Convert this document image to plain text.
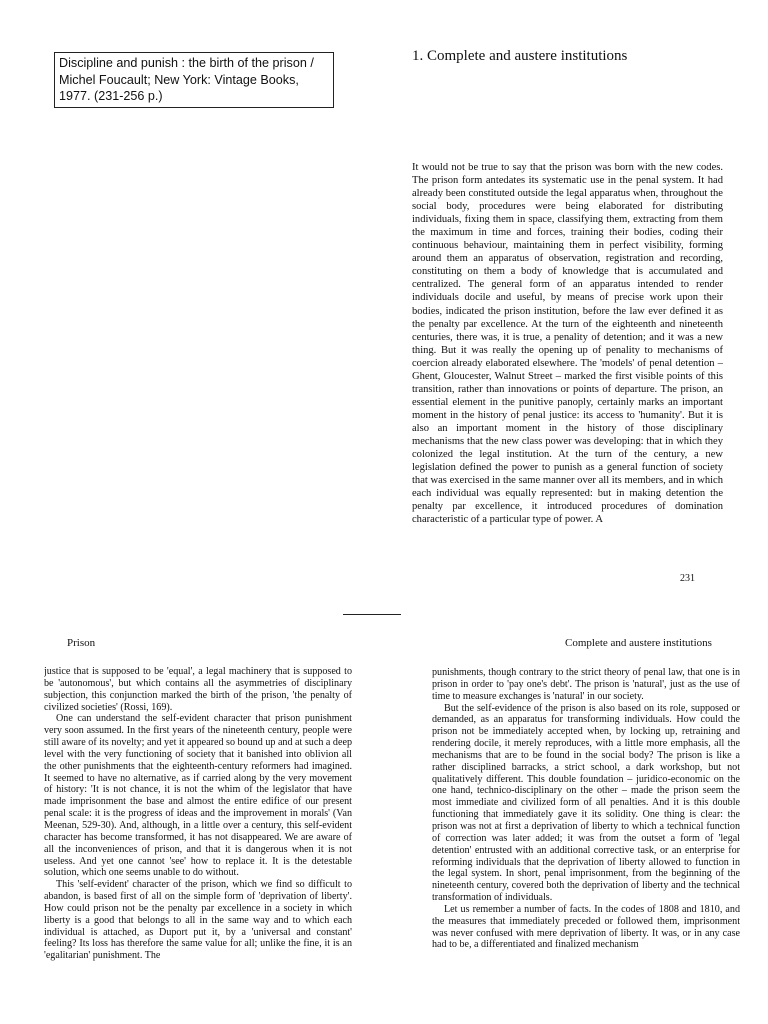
Discipline and punish : the birth of the prison / Michel Foucault; New York: Vintage Books, 1977. (231-256 p.)
1. Complete and austere institutions

It would not be true to say that the prison was born with the new codes. The prison form antedates its systematic use in the penal system. It had already been constituted outside the legal apparatus when, throughout the social body, procedures were being elaborated for distributing individuals, fixing them in space, classifying them, extracting from them the maximum in time and forces, training their bodies, coding their continuous behaviour, maintaining them in perfect visibility, forming around them an apparatus of observation, registration and recording, constituting on them a body of knowledge that is accumulated and centralized. The general form of an apparatus intended to render individuals docile and useful, by means of precise work upon their bodies, indicated the prison institution, before the law ever defined it as the penalty par excellence. At the turn of the eighteenth and nineteenth centuries, there was, it is true, a penality of detention; and it was a new thing. But it was really the opening up of penality to mechanisms of coercion already elaborated elsewhere. The 'models' of penal detention – Ghent, Gloucester, Walnut Street – marked the first visible points of this transition, rather than innovations or points of departure. The prison, an essential element in the punitive panoply, certainly marks an important moment in the history of penal justice: its access to 'humanity'. But it is also an important moment in the history of those disciplinary mechanisms that the new class power was developing: that in which they colonized the legal institution. At the turn of the century, a new legislation defined the power to punish as a general function of society that was exercised in the same manner over all its members, and in which each individual was equally represented: but in making detention the penalty par excellence, it introduced procedures of domination characteristic of a particular type of power. A

231
Prison	Complete and austere institutions

justice that is supposed to be 'equal', a legal machinery that is supposed to be 'autonomous', but which contains all the asymmetries of disciplinary subjection, this conjunction marked the birth of the prison, 'the penalty of civilized societies' (Rossi, 169).

One can understand the self-evident character that prison punishment very soon assumed. In the first years of the nineteenth century, people were still aware of its novelty; and yet it appeared so bound up and at such a deep level with the very functioning of society that it banished into oblivion all the other punishments that the eighteenth-century reformers had imagined. It seemed to have no alternative, as if carried along by the very movement of history: 'It is not chance, it is not the whim of the legislator that have made imprisonment the base and almost the entire edifice of our present penal scale: it is the progress of ideas and the improvement in morals' (Van Meenan, 529-30). And, although, in a little over a century, this self-evident character has become transformed, it has not disappeared. We are aware of all the inconveniences of prison, and that it is dangerous when it is not useless. And yet one cannot 'see' how to replace it. It is the detestable solution, which one seems unable to do without.

This 'self-evident' character of the prison, which we find so difficult to abandon, is based first of all on the simple form of 'deprivation of liberty'. How could prison not be the penalty par excellence in a society in which liberty is a good that belongs to all in the same way and to which each individual is attached, as Duport put it, by a 'universal and constant' feeling? Its loss has therefore the same value for all; unlike the fine, it is an 'egalitarian' punishment. The

punishments, though contrary to the strict theory of penal law, that one is in prison in order to 'pay one's debt'. The prison is 'natural', just as the use of time to measure exchanges is 'natural' in our society.

But the self-evidence of the prison is also based on its role, supposed or demanded, as an apparatus for transforming individuals. How could the prison not be immediately accepted when, by locking up, retraining and rendering docile, it merely reproduces, with a little more emphasis, all the mechanisms that are to be found in the social body? The prison is like a rather disciplined barracks, a strict school, a dark workshop, but not qualitatively different. This double foundation – juridico-economic on the one hand, technico-disciplinary on the other – made the prison seem the most immediate and civilized form of all penalties. And it is this double functioning that immediately gave it its solidity. One thing is clear: the prison was not at first a deprivation of liberty to which a technical function of correction was later added; it was from the outset a form of 'legal detention' entrusted with an additional corrective task, or an enterprise for reforming individuals that the deprivation of liberty allowed to function in the legal system. In short, penal imprisonment, from the beginning of the nineteenth century, covered both the deprivation of liberty and the technical transformation of individuals.

Let us remember a number of facts. In the codes of 1808 and 1810, and the measures that immediately preceded or followed them, imprisonment was never confused with mere deprivation of liberty. It was, or in any case had to be, a differentiated and finalized mechanism
